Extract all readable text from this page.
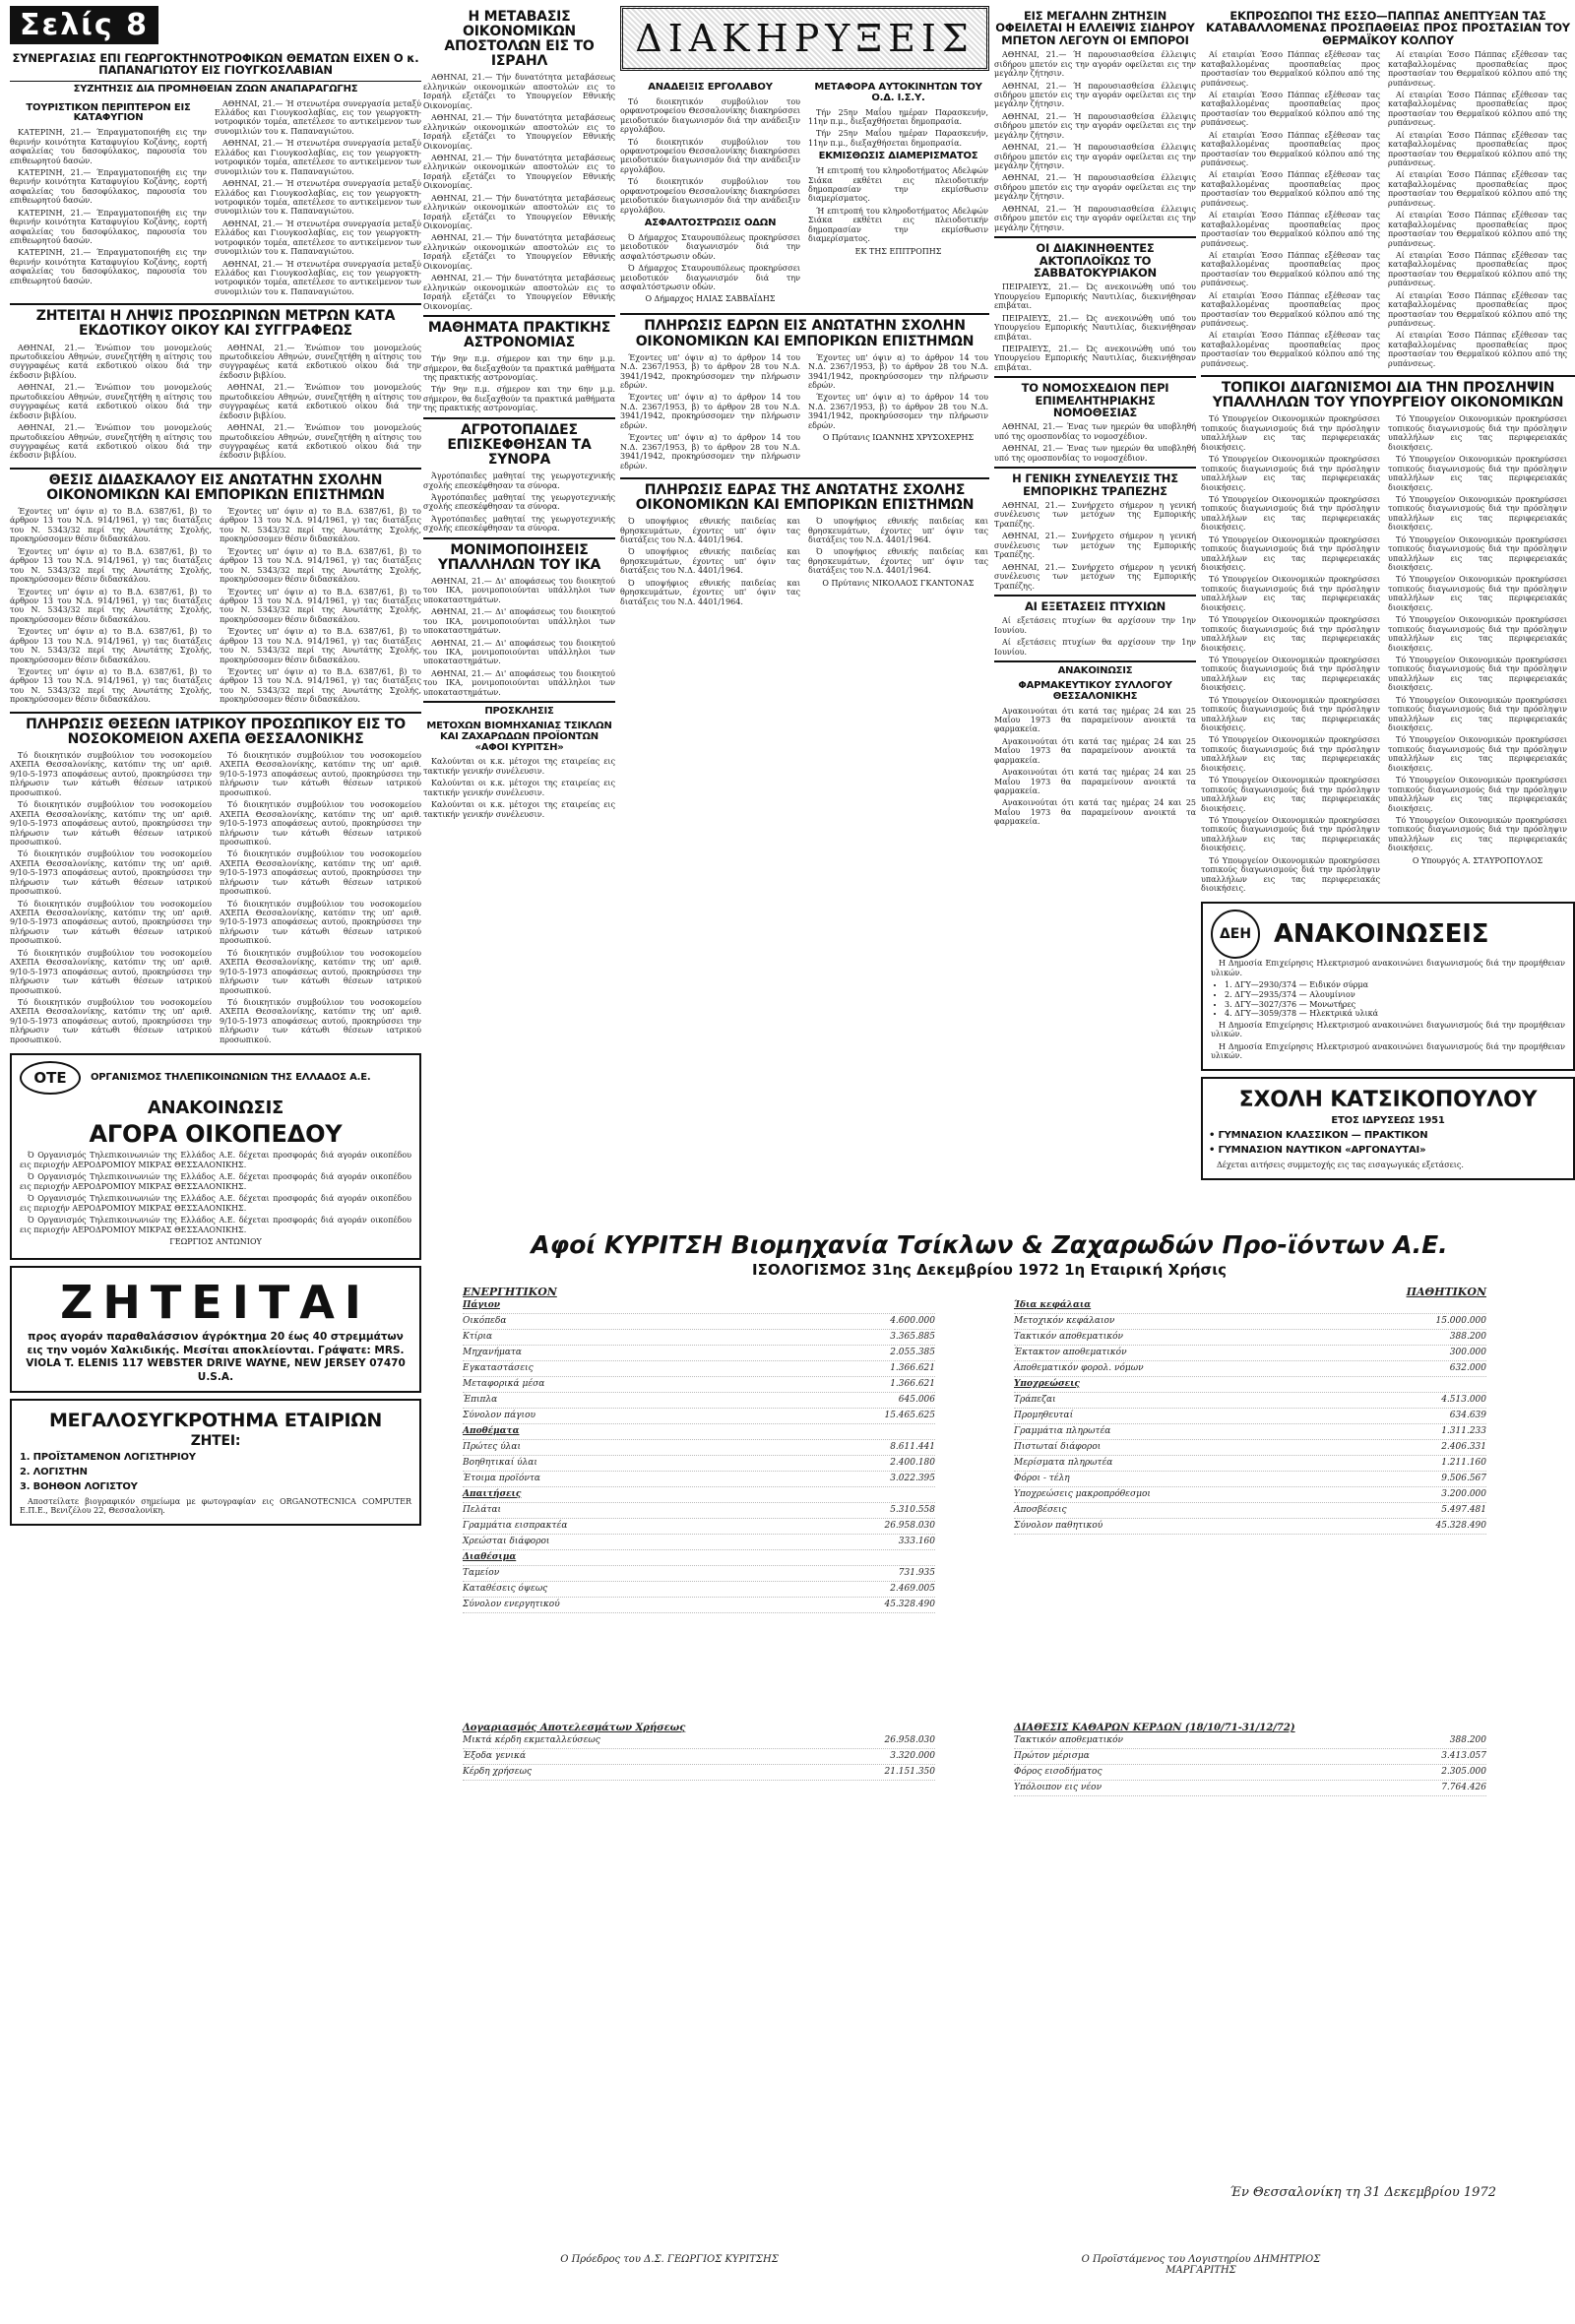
Σελίς 8
ΣΥΝΕΡΓΑΣΙΑΣ ΕΠΙ ΓΕΩΡΓΟΚΤΗΝΟΤΡΟΦΙΚΩΝ ΘΕΜΑΤΩΝ ΕΙΧΕΝ Ο κ. ΠΑΠΑΝΑΓΙΩΤΟΥ ΕΙΣ ΓΙΟΥΓΚΟΣΛΑΒΙΑΝ
ΣΥΖΗΤΗΣΙΣ ΔΙΑ ΠΡΟΜΗΘΕΙΑΝ ΖΩΩΝ ΑΝΑΠΑΡΑΓΩΓΗΣ
ΤΟΥΡΙΣΤΙΚΟΝ ΠΕΡΙΠΤΕΡΟΝ ΕΙΣ ΚΑΤΑΦΥΓΙΟΝ

ΚΑΤΕΡΙΝΗ, 21.— Έπραγματοποιήθη εις την θερινήν κοινότητα Καταφυγίου Κοζάνης, εορτή ασφαλείας του δασοφύλακος, παρουσία του επιθεωρητού δασών.

ΚΑΤΕΡΙΝΗ, 21.— Έπραγματοποιήθη εις την θερινήν κοινότητα Καταφυγίου Κοζάνης, εορτή ασφαλείας του δασοφύλακος, παρουσία του επιθεωρητού δασών.

ΚΑΤΕΡΙΝΗ, 21.— Έπραγματοποιήθη εις την θερινήν κοινότητα Καταφυγίου Κοζάνης, εορτή ασφαλείας του δασοφύλακος, παρουσία του επιθεωρητού δασών.

ΚΑΤΕΡΙΝΗ, 21.— Έπραγματοποιήθη εις την θερινήν κοινότητα Καταφυγίου Κοζάνης, εορτή ασφαλείας του δασοφύλακος, παρουσία του επιθεωρητού δασών.

ΑΘΗΝΑΙ, 21.— Ή στενωτέρα συνεργασία μεταξύ Ελλάδος και Γιουγκοσλαβίας, εις τον γεωργοκτηνοτροφικόν τομέα, απετέλεσε το αντικείμενον των συνομιλιών του κ. Παπαναγιώτου.

ΑΘΗΝΑΙ, 21.— Ή στενωτέρα συνεργασία μεταξύ Ελλάδος και Γιουγκοσλαβίας, εις τον γεωργοκτηνοτροφικόν τομέα, απετέλεσε το αντικείμενον των συνομιλιών του κ. Παπαναγιώτου.

ΑΘΗΝΑΙ, 21.— Ή στενωτέρα συνεργασία μεταξύ Ελλάδος και Γιουγκοσλαβίας, εις τον γεωργοκτηνοτροφικόν τομέα, απετέλεσε το αντικείμενον των συνομιλιών του κ. Παπαναγιώτου.

ΑΘΗΝΑΙ, 21.— Ή στενωτέρα συνεργασία μεταξύ Ελλάδος και Γιουγκοσλαβίας, εις τον γεωργοκτηνοτροφικόν τομέα, απετέλεσε το αντικείμενον των συνομιλιών του κ. Παπαναγιώτου.

ΑΘΗΝΑΙ, 21.— Ή στενωτέρα συνεργασία μεταξύ Ελλάδος και Γιουγκοσλαβίας, εις τον γεωργοκτηνοτροφικόν τομέα, απετέλεσε το αντικείμενον των συνομιλιών του κ. Παπαναγιώτου.

ΖΗΤΕΙΤΑΙ Η ΛΗΨΙΣ ΠΡΟΣΩΡΙΝΩΝ ΜΕΤΡΩΝ ΚΑΤΑ ΕΚΔΟΤΙΚΟΥ ΟΙΚΟΥ ΚΑΙ ΣΥΓΓΡΑΦΕΩΣ

ΑΘΗΝΑΙ, 21.— Ένώπιον του μονομελούς πρωτοδικείου Αθηνών, συνεζητήθη η αίτησις του συγγραφέως κατά εκδοτικού οίκου διά την έκδοσιν βιβλίου.

ΑΘΗΝΑΙ, 21.— Ένώπιον του μονομελούς πρωτοδικείου Αθηνών, συνεζητήθη η αίτησις του συγγραφέως κατά εκδοτικού οίκου διά την έκδοσιν βιβλίου.

ΑΘΗΝΑΙ, 21.— Ένώπιον του μονομελούς πρωτοδικείου Αθηνών, συνεζητήθη η αίτησις του συγγραφέως κατά εκδοτικού οίκου διά την έκδοσιν βιβλίου.

ΑΘΗΝΑΙ, 21.— Ένώπιον του μονομελούς πρωτοδικείου Αθηνών, συνεζητήθη η αίτησις του συγγραφέως κατά εκδοτικού οίκου διά την έκδοσιν βιβλίου.

ΑΘΗΝΑΙ, 21.— Ένώπιον του μονομελούς πρωτοδικείου Αθηνών, συνεζητήθη η αίτησις του συγγραφέως κατά εκδοτικού οίκου διά την έκδοσιν βιβλίου.

ΑΘΗΝΑΙ, 21.— Ένώπιον του μονομελούς πρωτοδικείου Αθηνών, συνεζητήθη η αίτησις του συγγραφέως κατά εκδοτικού οίκου διά την έκδοσιν βιβλίου.

ΘΕΣΙΣ ΔΙΔΑΣΚΑΛΟΥ ΕΙΣ ΑΝΩΤΑΤΗΝ ΣΧΟΛΗΝ ΟΙΚΟΝΟΜΙΚΩΝ ΚΑΙ ΕΜΠΟΡΙΚΩΝ ΕΠΙΣΤΗΜΩΝ

Έχοντες υπ' όψιν α) το Β.Δ. 6387/61, β) το άρθρον 13 του Ν.Δ. 914/1961, γ) τας διατάξεις του Ν. 5343/32 περί της Ανωτάτης Σχολής, προκηρύσσομεν θέσιν διδασκάλου.

Έχοντες υπ' όψιν α) το Β.Δ. 6387/61, β) το άρθρον 13 του Ν.Δ. 914/1961, γ) τας διατάξεις του Ν. 5343/32 περί της Ανωτάτης Σχολής, προκηρύσσομεν θέσιν διδασκάλου.

Έχοντες υπ' όψιν α) το Β.Δ. 6387/61, β) το άρθρον 13 του Ν.Δ. 914/1961, γ) τας διατάξεις του Ν. 5343/32 περί της Ανωτάτης Σχολής, προκηρύσσομεν θέσιν διδασκάλου.

Έχοντες υπ' όψιν α) το Β.Δ. 6387/61, β) το άρθρον 13 του Ν.Δ. 914/1961, γ) τας διατάξεις του Ν. 5343/32 περί της Ανωτάτης Σχολής, προκηρύσσομεν θέσιν διδασκάλου.

Έχοντες υπ' όψιν α) το Β.Δ. 6387/61, β) το άρθρον 13 του Ν.Δ. 914/1961, γ) τας διατάξεις του Ν. 5343/32 περί της Ανωτάτης Σχολής, προκηρύσσομεν θέσιν διδασκάλου.

Έχοντες υπ' όψιν α) το Β.Δ. 6387/61, β) το άρθρον 13 του Ν.Δ. 914/1961, γ) τας διατάξεις του Ν. 5343/32 περί της Ανωτάτης Σχολής, προκηρύσσομεν θέσιν διδασκάλου.

Έχοντες υπ' όψιν α) το Β.Δ. 6387/61, β) το άρθρον 13 του Ν.Δ. 914/1961, γ) τας διατάξεις του Ν. 5343/32 περί της Ανωτάτης Σχολής, προκηρύσσομεν θέσιν διδασκάλου.

Έχοντες υπ' όψιν α) το Β.Δ. 6387/61, β) το άρθρον 13 του Ν.Δ. 914/1961, γ) τας διατάξεις του Ν. 5343/32 περί της Ανωτάτης Σχολής, προκηρύσσομεν θέσιν διδασκάλου.

Έχοντες υπ' όψιν α) το Β.Δ. 6387/61, β) το άρθρον 13 του Ν.Δ. 914/1961, γ) τας διατάξεις του Ν. 5343/32 περί της Ανωτάτης Σχολής, προκηρύσσομεν θέσιν διδασκάλου.

Έχοντες υπ' όψιν α) το Β.Δ. 6387/61, β) το άρθρον 13 του Ν.Δ. 914/1961, γ) τας διατάξεις του Ν. 5343/32 περί της Ανωτάτης Σχολής, προκηρύσσομεν θέσιν διδασκάλου.

ΠΛΗΡΩΣΙΣ ΘΕΣΕΩΝ ΙΑΤΡΙΚΟΥ ΠΡΟΣΩΠΙΚΟΥ ΕΙΣ ΤΟ ΝΟΣΟΚΟΜΕΙΟΝ ΑΧΕΠΑ ΘΕΣΣΑΛΟΝΙΚΗΣ

Τό διοικητικόν συμβούλιον του νοσοκομείου ΑΧΕΠΑ Θεσσαλονίκης, κατόπιν της υπ' αριθ. 9/10-5-1973 αποφάσεως αυτού, προκηρύσσει την πλήρωσιν των κάτωθι θέσεων ιατρικού προσωπικού.

Τό διοικητικόν συμβούλιον του νοσοκομείου ΑΧΕΠΑ Θεσσαλονίκης, κατόπιν της υπ' αριθ. 9/10-5-1973 αποφάσεως αυτού, προκηρύσσει την πλήρωσιν των κάτωθι θέσεων ιατρικού προσωπικού.

Τό διοικητικόν συμβούλιον του νοσοκομείου ΑΧΕΠΑ Θεσσαλονίκης, κατόπιν της υπ' αριθ. 9/10-5-1973 αποφάσεως αυτού, προκηρύσσει την πλήρωσιν των κάτωθι θέσεων ιατρικού προσωπικού.

Τό διοικητικόν συμβούλιον του νοσοκομείου ΑΧΕΠΑ Θεσσαλονίκης, κατόπιν της υπ' αριθ. 9/10-5-1973 αποφάσεως αυτού, προκηρύσσει την πλήρωσιν των κάτωθι θέσεων ιατρικού προσωπικού.

Τό διοικητικόν συμβούλιον του νοσοκομείου ΑΧΕΠΑ Θεσσαλονίκης, κατόπιν της υπ' αριθ. 9/10-5-1973 αποφάσεως αυτού, προκηρύσσει την πλήρωσιν των κάτωθι θέσεων ιατρικού προσωπικού.

Τό διοικητικόν συμβούλιον του νοσοκομείου ΑΧΕΠΑ Θεσσαλονίκης, κατόπιν της υπ' αριθ. 9/10-5-1973 αποφάσεως αυτού, προκηρύσσει την πλήρωσιν των κάτωθι θέσεων ιατρικού προσωπικού.

Τό διοικητικόν συμβούλιον του νοσοκομείου ΑΧΕΠΑ Θεσσαλονίκης, κατόπιν της υπ' αριθ. 9/10-5-1973 αποφάσεως αυτού, προκηρύσσει την πλήρωσιν των κάτωθι θέσεων ιατρικού προσωπικού.

Τό διοικητικόν συμβούλιον του νοσοκομείου ΑΧΕΠΑ Θεσσαλονίκης, κατόπιν της υπ' αριθ. 9/10-5-1973 αποφάσεως αυτού, προκηρύσσει την πλήρωσιν των κάτωθι θέσεων ιατρικού προσωπικού.

Τό διοικητικόν συμβούλιον του νοσοκομείου ΑΧΕΠΑ Θεσσαλονίκης, κατόπιν της υπ' αριθ. 9/10-5-1973 αποφάσεως αυτού, προκηρύσσει την πλήρωσιν των κάτωθι θέσεων ιατρικού προσωπικού.

Τό διοικητικόν συμβούλιον του νοσοκομείου ΑΧΕΠΑ Θεσσαλονίκης, κατόπιν της υπ' αριθ. 9/10-5-1973 αποφάσεως αυτού, προκηρύσσει την πλήρωσιν των κάτωθι θέσεων ιατρικού προσωπικού.

Τό διοικητικόν συμβούλιον του νοσοκομείου ΑΧΕΠΑ Θεσσαλονίκης, κατόπιν της υπ' αριθ. 9/10-5-1973 αποφάσεως αυτού, προκηρύσσει την πλήρωσιν των κάτωθι θέσεων ιατρικού προσωπικού.

Τό διοικητικόν συμβούλιον του νοσοκομείου ΑΧΕΠΑ Θεσσαλονίκης, κατόπιν της υπ' αριθ. 9/10-5-1973 αποφάσεως αυτού, προκηρύσσει την πλήρωσιν των κάτωθι θέσεων ιατρικού προσωπικού.

ΟΤΕ	ΟΡΓΑΝΙΣΜΟΣ ΤΗΛΕΠΙΚΟΙΝΩΝΙΩΝ ΤΗΣ ΕΛΛΑΔΟΣ Α.Ε.
ΑΝΑΚΟΙΝΩΣΙΣ
ΑΓΟΡΑ ΟΙΚΟΠΕΔΟΥ

Ό Οργανισμός Τηλεπικοινωνιών της Ελλάδος Α.Ε. δέχεται προσφοράς διά αγοράν οικοπέδου εις περιοχήν ΑΕΡΟΔΡΟΜΙΟΥ ΜΙΚΡΑΣ ΘΕΣΣΑΛΟΝΙΚΗΣ.

Ό Οργανισμός Τηλεπικοινωνιών της Ελλάδος Α.Ε. δέχεται προσφοράς διά αγοράν οικοπέδου εις περιοχήν ΑΕΡΟΔΡΟΜΙΟΥ ΜΙΚΡΑΣ ΘΕΣΣΑΛΟΝΙΚΗΣ.

Ό Οργανισμός Τηλεπικοινωνιών της Ελλάδος Α.Ε. δέχεται προσφοράς διά αγοράν οικοπέδου εις περιοχήν ΑΕΡΟΔΡΟΜΙΟΥ ΜΙΚΡΑΣ ΘΕΣΣΑΛΟΝΙΚΗΣ.

Ό Οργανισμός Τηλεπικοινωνιών της Ελλάδος Α.Ε. δέχεται προσφοράς διά αγοράν οικοπέδου εις περιοχήν ΑΕΡΟΔΡΟΜΙΟΥ ΜΙΚΡΑΣ ΘΕΣΣΑΛΟΝΙΚΗΣ.

ΓΕΩΡΓΙΟΣ ΑΝΤΩΝΙΟΥ
ΖΗΤΕΙΤΑΙ
προς αγοράν παραθαλάσσιον άγρόκτημα 20 έως 40 στρεμμάτων εις την νομόν Χαλκιδικής. Μεσίται αποκλείονται. Γράψατε: MRS. VIOLA T. ELENIS 117 WEBSTER DRIVE WAYNE, NEW JERSEY 07470 U.S.A.
ΜΕΓΑΛΟΣΥΓΚΡΟΤΗΜΑ ΕΤΑΙΡΙΩΝ
ΖΗΤΕΙ:
1. ΠΡΟΪΣΤΑΜΕΝΟΝ ΛΟΓΙΣΤΗΡΙΟΥ
2. ΛΟΓΙΣΤΗΝ
3. ΒΟΗΘΟΝ ΛΟΓΙΣΤΟΥ

Αποστείλατε βιογραφικόν σημείωμα με φωτογραφίαν εις ORGANOTECNICA COMPUTER Ε.Π.Ε., Βενιζέλου 22, Θεσσαλονίκη.

Η ΜΕΤΑΒΑΣΙΣ ΟΙΚΟΝΟΜΙΚΩΝ ΑΠΟΣΤΟΛΩΝ ΕΙΣ ΤΟ ΙΣΡΑΗΛ

ΑΘΗΝΑΙ, 21.— Τήν δυνατότητα μεταβάσεως ελληνικών οικονομικών αποστολών εις το Ισραήλ εξετάζει το Υπουργείον Εθνικής Οικονομίας.

ΑΘΗΝΑΙ, 21.— Τήν δυνατότητα μεταβάσεως ελληνικών οικονομικών αποστολών εις το Ισραήλ εξετάζει το Υπουργείον Εθνικής Οικονομίας.

ΑΘΗΝΑΙ, 21.— Τήν δυνατότητα μεταβάσεως ελληνικών οικονομικών αποστολών εις το Ισραήλ εξετάζει το Υπουργείον Εθνικής Οικονομίας.

ΑΘΗΝΑΙ, 21.— Τήν δυνατότητα μεταβάσεως ελληνικών οικονομικών αποστολών εις το Ισραήλ εξετάζει το Υπουργείον Εθνικής Οικονομίας.

ΑΘΗΝΑΙ, 21.— Τήν δυνατότητα μεταβάσεως ελληνικών οικονομικών αποστολών εις το Ισραήλ εξετάζει το Υπουργείον Εθνικής Οικονομίας.

ΑΘΗΝΑΙ, 21.— Τήν δυνατότητα μεταβάσεως ελληνικών οικονομικών αποστολών εις το Ισραήλ εξετάζει το Υπουργείον Εθνικής Οικονομίας.

ΜΑΘΗΜΑΤΑ ΠΡΑΚΤΙΚΗΣ ΑΣΤΡΟΝΟΜΙΑΣ

Τήν 9ην π.μ. σήμερον και την 6ην μ.μ. σήμερον, θα διεξαχθούν τα πρακτικά μαθήματα της πρακτικής αστρονομίας.

Τήν 9ην π.μ. σήμερον και την 6ην μ.μ. σήμερον, θα διεξαχθούν τα πρακτικά μαθήματα της πρακτικής αστρονομίας.

ΑΓΡΟΤΟΠΑΙΔΕΣ ΕΠΙΣΚΕΦΘΗΣΑΝ ΤΑ ΣΥΝΟΡΑ

Άγροτόπαιδες μαθηταί της γεωργοτεχνικής σχολής επεσκέφθησαν τα σύνορα.

Άγροτόπαιδες μαθηταί της γεωργοτεχνικής σχολής επεσκέφθησαν τα σύνορα.

Άγροτόπαιδες μαθηταί της γεωργοτεχνικής σχολής επεσκέφθησαν τα σύνορα.

ΜΟΝΙΜΟΠΟΙΗΣΕΙΣ ΥΠΑΛΛΗΛΩΝ ΤΟΥ ΙΚΑ

ΑΘΗΝΑΙ, 21.— Δι' αποφάσεως του διοικητού του ΙΚΑ, μονιμοποιούνται υπάλληλοι των υποκαταστημάτων.

ΑΘΗΝΑΙ, 21.— Δι' αποφάσεως του διοικητού του ΙΚΑ, μονιμοποιούνται υπάλληλοι των υποκαταστημάτων.

ΑΘΗΝΑΙ, 21.— Δι' αποφάσεως του διοικητού του ΙΚΑ, μονιμοποιούνται υπάλληλοι των υποκαταστημάτων.

ΑΘΗΝΑΙ, 21.— Δι' αποφάσεως του διοικητού του ΙΚΑ, μονιμοποιούνται υπάλληλοι των υποκαταστημάτων.

ΠΡΟΣΚΛΗΣΙΣ
ΜΕΤΟΧΩΝ ΒΙΟΜΗΧΑΝΙΑΣ ΤΣΙΚΛΩΝ ΚΑΙ ΖΑΧΑΡΩΔΩΝ ΠΡΟΪΟΝΤΩΝ «ΑΦΟΙ ΚΥΡΙΤΣΗ»

Καλούνται οι κ.κ. μέτοχοι της εταιρείας εις τακτικήν γενικήν συνέλευσιν.

Καλούνται οι κ.κ. μέτοχοι της εταιρείας εις τακτικήν γενικήν συνέλευσιν.

Καλούνται οι κ.κ. μέτοχοι της εταιρείας εις τακτικήν γενικήν συνέλευσιν.

ΔΙΑΚΗΡΥΞΕΙΣ
ΑΝΑΔΕΙΞΙΣ ΕΡΓΟΛΑΒΟΥ

Τό διοικητικόν συμβούλιον του ορφανοτροφείου Θεσσαλονίκης διακηρύσσει μειοδοτικόν διαγωνισμόν διά την ανάδειξιν εργολάβου.

Τό διοικητικόν συμβούλιον του ορφανοτροφείου Θεσσαλονίκης διακηρύσσει μειοδοτικόν διαγωνισμόν διά την ανάδειξιν εργολάβου.

Τό διοικητικόν συμβούλιον του ορφανοτροφείου Θεσσαλονίκης διακηρύσσει μειοδοτικόν διαγωνισμόν διά την ανάδειξιν εργολάβου.

ΑΣΦΑΛΤΟΣΤΡΩΣΙΣ ΟΔΩΝ

Ό Δήμαρχος Σταυρουπόλεως προκηρύσσει μειοδοτικόν διαγωνισμόν διά την ασφαλτόστρωσιν οδών.

Ό Δήμαρχος Σταυρουπόλεως προκηρύσσει μειοδοτικόν διαγωνισμόν διά την ασφαλτόστρωσιν οδών.

Ο Δήμαρχος ΗΛΙΑΣ ΣΑΒΒΑΪΔΗΣ
ΜΕΤΑΦΟΡΑ ΑΥΤΟΚΙΝΗΤΩΝ ΤΟΥ Ο.Δ. Ι.Σ.Υ.

Τήν 25ην Μαΐου ημέραν Παρασκευήν, 11ην π.μ., διεξαχθήσεται δημοπρασία.

Τήν 25ην Μαΐου ημέραν Παρασκευήν, 11ην π.μ., διεξαχθήσεται δημοπρασία.

ΕΚΜΙΣΘΩΣΙΣ ΔΙΑΜΕΡΙΣΜΑΤΟΣ

Ή επιτροπή του κληροδοτήματος Αδελφών Σιάκα εκθέτει εις πλειοδοτικήν δημοπρασίαν την εκμίσθωσιν διαμερίσματος.

Ή επιτροπή του κληροδοτήματος Αδελφών Σιάκα εκθέτει εις πλειοδοτικήν δημοπρασίαν την εκμίσθωσιν διαμερίσματος.

ΕΚ ΤΗΣ ΕΠΙΤΡΟΠΗΣ
ΠΛΗΡΩΣΙΣ ΕΔΡΩΝ ΕΙΣ ΑΝΩΤΑΤΗΝ ΣΧΟΛΗΝ ΟΙΚΟΝΟΜΙΚΩΝ ΚΑΙ ΕΜΠΟΡΙΚΩΝ ΕΠΙΣΤΗΜΩΝ

Έχοντες υπ' όψιν α) το άρθρον 14 του Ν.Δ. 2367/1953, β) το άρθρον 28 του Ν.Δ. 3941/1942, προκηρύσσομεν την πλήρωσιν εδρών.

Έχοντες υπ' όψιν α) το άρθρον 14 του Ν.Δ. 2367/1953, β) το άρθρον 28 του Ν.Δ. 3941/1942, προκηρύσσομεν την πλήρωσιν εδρών.

Έχοντες υπ' όψιν α) το άρθρον 14 του Ν.Δ. 2367/1953, β) το άρθρον 28 του Ν.Δ. 3941/1942, προκηρύσσομεν την πλήρωσιν εδρών.

Έχοντες υπ' όψιν α) το άρθρον 14 του Ν.Δ. 2367/1953, β) το άρθρον 28 του Ν.Δ. 3941/1942, προκηρύσσομεν την πλήρωσιν εδρών.

Έχοντες υπ' όψιν α) το άρθρον 14 του Ν.Δ. 2367/1953, β) το άρθρον 28 του Ν.Δ. 3941/1942, προκηρύσσομεν την πλήρωσιν εδρών.

Ο Πρύτανις ΙΩΑΝΝΗΣ ΧΡΥΣΟΧΕΡΗΣ
ΠΛΗΡΩΣΙΣ ΕΔΡΑΣ ΤΗΣ ΑΝΩΤΑΤΗΣ ΣΧΟΛΗΣ ΟΙΚΟΝΟΜΙΚΩΝ ΚΑΙ ΕΜΠΟΡΙΚΩΝ ΕΠΙΣΤΗΜΩΝ

Ό υποψήφιος εθνικής παιδείας και θρησκευμάτων, έχοντες υπ' όψιν τας διατάξεις του Ν.Δ. 4401/1964.

Ό υποψήφιος εθνικής παιδείας και θρησκευμάτων, έχοντες υπ' όψιν τας διατάξεις του Ν.Δ. 4401/1964.

Ό υποψήφιος εθνικής παιδείας και θρησκευμάτων, έχοντες υπ' όψιν τας διατάξεις του Ν.Δ. 4401/1964.

Ό υποψήφιος εθνικής παιδείας και θρησκευμάτων, έχοντες υπ' όψιν τας διατάξεις του Ν.Δ. 4401/1964.

Ό υποψήφιος εθνικής παιδείας και θρησκευμάτων, έχοντες υπ' όψιν τας διατάξεις του Ν.Δ. 4401/1964.

Ο Πρύτανις ΝΙΚΟΛΑΟΣ ΓΚΑΝΤΟΝΑΣ
ΕΙΣ ΜΕΓΑΛΗΝ ΖΗΤΗΣΙΝ ΟΦΕΙΛΕΤΑΙ Η ΕΛΛΕΙΨΙΣ ΣΙΔΗΡΟΥ ΜΠΕΤΟΝ ΛΕΓΟΥΝ ΟΙ ΕΜΠΟΡΟΙ

ΑΘΗΝΑΙ, 21.— Ή παρουσιασθείσα έλλειψις σιδήρου μπετόν εις την αγοράν οφείλεται εις την μεγάλην ζήτησιν.

ΑΘΗΝΑΙ, 21.— Ή παρουσιασθείσα έλλειψις σιδήρου μπετόν εις την αγοράν οφείλεται εις την μεγάλην ζήτησιν.

ΑΘΗΝΑΙ, 21.— Ή παρουσιασθείσα έλλειψις σιδήρου μπετόν εις την αγοράν οφείλεται εις την μεγάλην ζήτησιν.

ΑΘΗΝΑΙ, 21.— Ή παρουσιασθείσα έλλειψις σιδήρου μπετόν εις την αγοράν οφείλεται εις την μεγάλην ζήτησιν.

ΑΘΗΝΑΙ, 21.— Ή παρουσιασθείσα έλλειψις σιδήρου μπετόν εις την αγοράν οφείλεται εις την μεγάλην ζήτησιν.

ΑΘΗΝΑΙ, 21.— Ή παρουσιασθείσα έλλειψις σιδήρου μπετόν εις την αγοράν οφείλεται εις την μεγάλην ζήτησιν.

ΟΙ ΔΙΑΚΙΝΗΘΕΝΤΕΣ ΑΚΤΟΠΛΟΪΚΩΣ ΤΟ ΣΑΒΒΑΤΟΚΥΡΙΑΚΟΝ

ΠΕΙΡΑΙΕΥΣ, 21.— Ώς ανεκοινώθη υπό του Υπουργείου Εμπορικής Ναυτιλίας, διεκινήθησαν επιβάται.

ΠΕΙΡΑΙΕΥΣ, 21.— Ώς ανεκοινώθη υπό του Υπουργείου Εμπορικής Ναυτιλίας, διεκινήθησαν επιβάται.

ΠΕΙΡΑΙΕΥΣ, 21.— Ώς ανεκοινώθη υπό του Υπουργείου Εμπορικής Ναυτιλίας, διεκινήθησαν επιβάται.

ΤΟ ΝΟΜΟΣΧΕΔΙΟΝ ΠΕΡΙ ΕΠΙΜΕΛΗΤΗΡΙΑΚΗΣ ΝΟΜΟΘΕΣΙΑΣ

ΑΘΗΝΑΙ, 21.— Ένας των ημερών θα υποβληθή υπό της ομοσπονδίας το νομοσχέδιον.

ΑΘΗΝΑΙ, 21.— Ένας των ημερών θα υποβληθή υπό της ομοσπονδίας το νομοσχέδιον.

Η ΓΕΝΙΚΗ ΣΥΝΕΛΕΥΣΙΣ ΤΗΣ ΕΜΠΟΡΙΚΗΣ ΤΡΑΠΕΖΗΣ

ΑΘΗΝΑΙ, 21.— Συνήρχετο σήμερον η γενική συνέλευσις των μετόχων της Εμπορικής Τραπέζης.

ΑΘΗΝΑΙ, 21.— Συνήρχετο σήμερον η γενική συνέλευσις των μετόχων της Εμπορικής Τραπέζης.

ΑΘΗΝΑΙ, 21.— Συνήρχετο σήμερον η γενική συνέλευσις των μετόχων της Εμπορικής Τραπέζης.

ΑΙ ΕΞΕΤΑΣΕΙΣ ΠΤΥΧΙΩΝ

Αί εξετάσεις πτυχίων θα αρχίσουν την 1ην Ιουνίου.

Αί εξετάσεις πτυχίων θα αρχίσουν την 1ην Ιουνίου.

ΑΝΑΚΟΙΝΩΣΙΣ
ΦΑΡΜΑΚΕΥΤΙΚΟΥ ΣΥΛΛΟΓΟΥ ΘΕΣΣΑΛΟΝΙΚΗΣ

Ανακοινούται ότι κατά τας ημέρας 24 και 25 Μαΐου 1973 θα παραμείνουν ανοικτά τα φαρμακεία.

Ανακοινούται ότι κατά τας ημέρας 24 και 25 Μαΐου 1973 θα παραμείνουν ανοικτά τα φαρμακεία.

Ανακοινούται ότι κατά τας ημέρας 24 και 25 Μαΐου 1973 θα παραμείνουν ανοικτά τα φαρμακεία.

Ανακοινούται ότι κατά τας ημέρας 24 και 25 Μαΐου 1973 θα παραμείνουν ανοικτά τα φαρμακεία.

ΕΚΠΡΟΣΩΠΟΙ ΤΗΣ ΕΣΣΟ—ΠΑΠΠΑΣ ΑΝΕΠΤΥΞΑΝ ΤΑΣ ΚΑΤΑΒΑΛΛΟΜΕΝΑΣ ΠΡΟΣΠΑΘΕΙΑΣ ΠΡΟΣ ΠΡΟΣΤΑΣΙΑΝ ΤΟΥ ΘΕΡΜΑΪΚΟΥ ΚΟΛΠΟΥ

Αί εταιρίαι Έσσο Πάππας εξέθεσαν τας καταβαλλομένας προσπαθείας προς προστασίαν του Θερμαϊκού κόλπου από της ρυπάνσεως.

Αί εταιρίαι Έσσο Πάππας εξέθεσαν τας καταβαλλομένας προσπαθείας προς προστασίαν του Θερμαϊκού κόλπου από της ρυπάνσεως.

Αί εταιρίαι Έσσο Πάππας εξέθεσαν τας καταβαλλομένας προσπαθείας προς προστασίαν του Θερμαϊκού κόλπου από της ρυπάνσεως.

Αί εταιρίαι Έσσο Πάππας εξέθεσαν τας καταβαλλομένας προσπαθείας προς προστασίαν του Θερμαϊκού κόλπου από της ρυπάνσεως.

Αί εταιρίαι Έσσο Πάππας εξέθεσαν τας καταβαλλομένας προσπαθείας προς προστασίαν του Θερμαϊκού κόλπου από της ρυπάνσεως.

Αί εταιρίαι Έσσο Πάππας εξέθεσαν τας καταβαλλομένας προσπαθείας προς προστασίαν του Θερμαϊκού κόλπου από της ρυπάνσεως.

Αί εταιρίαι Έσσο Πάππας εξέθεσαν τας καταβαλλομένας προσπαθείας προς προστασίαν του Θερμαϊκού κόλπου από της ρυπάνσεως.

Αί εταιρίαι Έσσο Πάππας εξέθεσαν τας καταβαλλομένας προσπαθείας προς προστασίαν του Θερμαϊκού κόλπου από της ρυπάνσεως.

Αί εταιρίαι Έσσο Πάππας εξέθεσαν τας καταβαλλομένας προσπαθείας προς προστασίαν του Θερμαϊκού κόλπου από της ρυπάνσεως.

Αί εταιρίαι Έσσο Πάππας εξέθεσαν τας καταβαλλομένας προσπαθείας προς προστασίαν του Θερμαϊκού κόλπου από της ρυπάνσεως.

Αί εταιρίαι Έσσο Πάππας εξέθεσαν τας καταβαλλομένας προσπαθείας προς προστασίαν του Θερμαϊκού κόλπου από της ρυπάνσεως.

Αί εταιρίαι Έσσο Πάππας εξέθεσαν τας καταβαλλομένας προσπαθείας προς προστασίαν του Θερμαϊκού κόλπου από της ρυπάνσεως.

Αί εταιρίαι Έσσο Πάππας εξέθεσαν τας καταβαλλομένας προσπαθείας προς προστασίαν του Θερμαϊκού κόλπου από της ρυπάνσεως.

Αί εταιρίαι Έσσο Πάππας εξέθεσαν τας καταβαλλομένας προσπαθείας προς προστασίαν του Θερμαϊκού κόλπου από της ρυπάνσεως.

Αί εταιρίαι Έσσο Πάππας εξέθεσαν τας καταβαλλομένας προσπαθείας προς προστασίαν του Θερμαϊκού κόλπου από της ρυπάνσεως.

Αί εταιρίαι Έσσο Πάππας εξέθεσαν τας καταβαλλομένας προσπαθείας προς προστασίαν του Θερμαϊκού κόλπου από της ρυπάνσεως.

ΤΟΠΙΚΟΙ ΔΙΑΓΩΝΙΣΜΟΙ ΔΙΑ ΤΗΝ ΠΡΟΣΛΗΨΙΝ ΥΠΑΛΛΗΛΩΝ ΤΟΥ ΥΠΟΥΡΓΕΙΟΥ ΟΙΚΟΝΟΜΙΚΩΝ

Τό Υπουργείον Οικονομικών προκηρύσσει τοπικούς διαγωνισμούς διά την πρόσληψιν υπαλλήλων εις τας περιφερειακάς διοικήσεις.

Τό Υπουργείον Οικονομικών προκηρύσσει τοπικούς διαγωνισμούς διά την πρόσληψιν υπαλλήλων εις τας περιφερειακάς διοικήσεις.

Τό Υπουργείον Οικονομικών προκηρύσσει τοπικούς διαγωνισμούς διά την πρόσληψιν υπαλλήλων εις τας περιφερειακάς διοικήσεις.

Τό Υπουργείον Οικονομικών προκηρύσσει τοπικούς διαγωνισμούς διά την πρόσληψιν υπαλλήλων εις τας περιφερειακάς διοικήσεις.

Τό Υπουργείον Οικονομικών προκηρύσσει τοπικούς διαγωνισμούς διά την πρόσληψιν υπαλλήλων εις τας περιφερειακάς διοικήσεις.

Τό Υπουργείον Οικονομικών προκηρύσσει τοπικούς διαγωνισμούς διά την πρόσληψιν υπαλλήλων εις τας περιφερειακάς διοικήσεις.

Τό Υπουργείον Οικονομικών προκηρύσσει τοπικούς διαγωνισμούς διά την πρόσληψιν υπαλλήλων εις τας περιφερειακάς διοικήσεις.

Τό Υπουργείον Οικονομικών προκηρύσσει τοπικούς διαγωνισμούς διά την πρόσληψιν υπαλλήλων εις τας περιφερειακάς διοικήσεις.

Τό Υπουργείον Οικονομικών προκηρύσσει τοπικούς διαγωνισμούς διά την πρόσληψιν υπαλλήλων εις τας περιφερειακάς διοικήσεις.

Τό Υπουργείον Οικονομικών προκηρύσσει τοπικούς διαγωνισμούς διά την πρόσληψιν υπαλλήλων εις τας περιφερειακάς διοικήσεις.

Τό Υπουργείον Οικονομικών προκηρύσσει τοπικούς διαγωνισμούς διά την πρόσληψιν υπαλλήλων εις τας περιφερειακάς διοικήσεις.

Τό Υπουργείον Οικονομικών προκηρύσσει τοπικούς διαγωνισμούς διά την πρόσληψιν υπαλλήλων εις τας περιφερειακάς διοικήσεις.

Τό Υπουργείον Οικονομικών προκηρύσσει τοπικούς διαγωνισμούς διά την πρόσληψιν υπαλλήλων εις τας περιφερειακάς διοικήσεις.

Τό Υπουργείον Οικονομικών προκηρύσσει τοπικούς διαγωνισμούς διά την πρόσληψιν υπαλλήλων εις τας περιφερειακάς διοικήσεις.

Τό Υπουργείον Οικονομικών προκηρύσσει τοπικούς διαγωνισμούς διά την πρόσληψιν υπαλλήλων εις τας περιφερειακάς διοικήσεις.

Τό Υπουργείον Οικονομικών προκηρύσσει τοπικούς διαγωνισμούς διά την πρόσληψιν υπαλλήλων εις τας περιφερειακάς διοικήσεις.

Τό Υπουργείον Οικονομικών προκηρύσσει τοπικούς διαγωνισμούς διά την πρόσληψιν υπαλλήλων εις τας περιφερειακάς διοικήσεις.

Τό Υπουργείον Οικονομικών προκηρύσσει τοπικούς διαγωνισμούς διά την πρόσληψιν υπαλλήλων εις τας περιφερειακάς διοικήσεις.

Τό Υπουργείον Οικονομικών προκηρύσσει τοπικούς διαγωνισμούς διά την πρόσληψιν υπαλλήλων εις τας περιφερειακάς διοικήσεις.

Τό Υπουργείον Οικονομικών προκηρύσσει τοπικούς διαγωνισμούς διά την πρόσληψιν υπαλλήλων εις τας περιφερειακάς διοικήσεις.

Τό Υπουργείον Οικονομικών προκηρύσσει τοπικούς διαγωνισμούς διά την πρόσληψιν υπαλλήλων εις τας περιφερειακάς διοικήσεις.

Τό Υπουργείον Οικονομικών προκηρύσσει τοπικούς διαγωνισμούς διά την πρόσληψιν υπαλλήλων εις τας περιφερειακάς διοικήσεις.

Τό Υπουργείον Οικονομικών προκηρύσσει τοπικούς διαγωνισμούς διά την πρόσληψιν υπαλλήλων εις τας περιφερειακάς διοικήσεις.

Ο Υπουργός Α. ΣΤΑΥΡΟΠΟΥΛΟΣ
ΔΕΗ ΑΝΑΚΟΙΝΩΣΕΙΣ

Η Δημοσία Επιχείρησις Ηλεκτρισμού ανακοινώνει διαγωνισμούς διά την προμήθειαν υλικών.

• 1. ΔΓΥ—2930/374 — Ειδικόν σύρμα
• 2. ΔΓΥ—2935/374 — Αλουμίνιον
• 3. ΔΓΥ—3027/376 — Μονωτήρες
• 4. ΔΓΥ—3059/378 — Ηλεκτρικά υλικά

Η Δημοσία Επιχείρησις Ηλεκτρισμού ανακοινώνει διαγωνισμούς διά την προμήθειαν υλικών.

Η Δημοσία Επιχείρησις Ηλεκτρισμού ανακοινώνει διαγωνισμούς διά την προμήθειαν υλικών.

ΣΧΟΛΗ ΚΑΤΣΙΚΟΠΟΥΛΟΥ
ΕΤΟΣ ΙΔΡΥΣΕΩΣ 1951
• ΓΥΜΝΑΣΙΟΝ ΚΛΑΣΣΙΚΟΝ — ΠΡΑΚΤΙΚΟΝ
• ΓΥΜΝΑΣΙΟΝ ΝΑΥΤΙΚΟΝ «ΑΡΓΟΝΑΥΤΑΙ»

Δέχεται αιτήσεις συμμετοχής εις τας εισαγωγικάς εξετάσεις.

Αφοί ΚΥΡΙΤΣΗ Βιομηχανία Τσίκλων & Ζαχαρωδών Προ-ϊόντων Α.Ε.
ΙΣΟΛΟΓΙΣΜΟΣ 31ης Δεκεμβρίου 1972 1η Εταιρική Χρήσις
ΕΝΕΡΓΗΤΙΚΟΝ
Πάγιον
Οικόπεδα	4.600.000
Κτίρια	3.365.885
Μηχανήματα	2.055.385
Εγκαταστάσεις	1.366.621
Μεταφορικά μέσα	1.366.621
Έπιπλα	645.006
Σύνολον πάγιου	15.465.625
Αποθέματα
Πρώτες ύλαι	8.611.441
Βοηθητικαί ύλαι	2.400.180
Έτοιμα προϊόντα	3.022.395
Απαιτήσεις
Πελάται	5.310.558
Γραμμάτια εισπρακτέα	26.958.030
Χρεώσται διάφοροι	333.160
Διαθέσιμα
Ταμείον	731.935
Καταθέσεις όψεως	2.469.005
Σύνολον ενεργητικού	45.328.490
ΠΑΘΗΤΙΚΟΝ
Ίδια κεφάλαια
Μετοχικόν κεφάλαιον	15.000.000
Τακτικόν αποθεματικόν	388.200
Έκτακτον αποθεματικόν	300.000
Αποθεματικόν φορολ. νόμων	632.000
Υποχρεώσεις
Τράπεζαι	4.513.000
Προμηθευταί	634.639
Γραμμάτια πληρωτέα	1.311.233
Πιστωταί διάφοροι	2.406.331
Μερίσματα πληρωτέα	1.211.160
Φόροι - τέλη	9.506.567
Υποχρεώσεις μακροπρόθεσμοι	3.200.000
Αποσβέσεις	5.497.481
Σύνολον παθητικού	45.328.490
Λογαριασμός Αποτελεσμάτων Χρήσεως
Μικτά κέρδη εκμεταλλεύσεως	26.958.030
Έξοδα γενικά	3.320.000
Κέρδη χρήσεως	21.151.350
ΔΙΑΘΕΣΙΣ ΚΑΘΑΡΩΝ ΚΕΡΔΩΝ (18/10/71-31/12/72)
Τακτικόν αποθεματικόν	388.200
Πρώτον μέρισμα	3.413.057
Φόρος εισοδήματος	2.305.000
Υπόλοιπον εις νέον	7.764.426
Έν Θεσσαλονίκη τη 31 Δεκεμβρίου 1972
Ο Πρόεδρος του Δ.Σ. ΓΕΩΡΓΙΟΣ ΚΥΡΙΤΣΗΣ	Ο Προϊστάμενος του Λογιστηρίου ΔΗΜΗΤΡΙΟΣ ΜΑΡΓΑΡΙΤΗΣ
